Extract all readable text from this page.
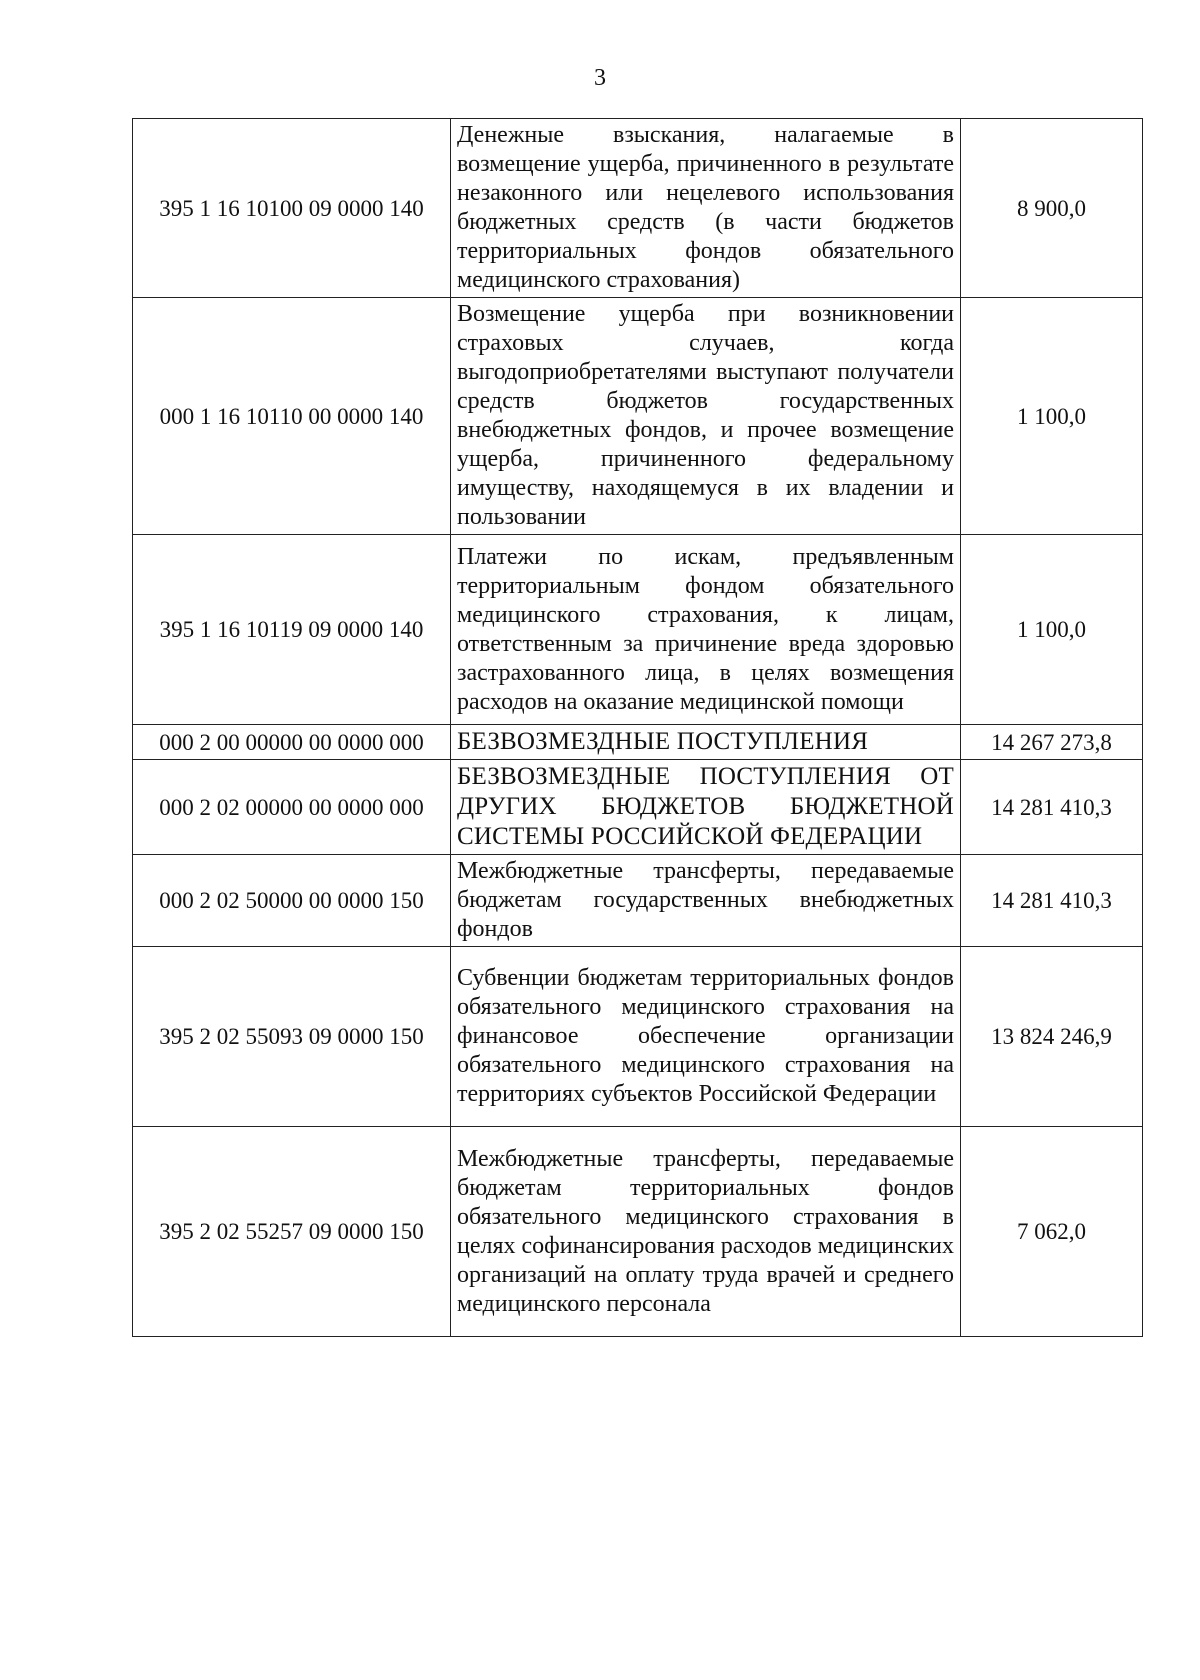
3
395 1 16 10100 09 0000 140	Денежные взыскания, налагаемые в возмещение ущерба, причиненного в результате незаконного или нецелевого использования бюджетных средств (в части бюджетов территориальных фондов обязательного медицинского страхования)	8 900,0
000 1 16 10110 00 0000 140	Возмещение ущерба при возникновении страховых случаев, когда выгодоприобретателями выступают получатели средств бюджетов государственных внебюджетных фондов, и прочее возмещение ущерба, причиненного федеральному имуществу, находящемуся в их владении и пользовании	1 100,0
395 1 16 10119 09 0000 140	Платежи по искам, предъявленным территориальным фондом обязательного медицинского страхования, к лицам, ответственным за причинение вреда здоровью застрахованного лица, в целях возмещения расходов на оказание медицинской помощи	1 100,0
000 2 00 00000 00 0000 000	БЕЗВОЗМЕЗДНЫЕ ПОСТУПЛЕНИЯ	14 267 273,8
000 2 02 00000 00 0000 000	БЕЗВОЗМЕЗДНЫЕ ПОСТУПЛЕНИЯ ОТ ДРУГИХ БЮДЖЕТОВ БЮДЖЕТНОЙ СИСТЕМЫ РОССИЙСКОЙ ФЕДЕРАЦИИ	14 281 410,3
000 2 02 50000 00 0000 150	Межбюджетные трансферты, передаваемые бюджетам государственных внебюджетных фондов	14 281 410,3
395 2 02 55093 09 0000 150	Субвенции бюджетам территориальных фондов обязательного медицинского страхования на финансовое обеспечение организации обязательного медицинского страхования на территориях субъектов Российской Федерации	13 824 246,9
395 2 02 55257 09 0000 150	Межбюджетные трансферты, передаваемые бюджетам территориальных фондов обязательного медицинского страхования в целях софинансирования расходов медицинских организаций на оплату труда врачей и среднего медицинского персонала	7 062,0
